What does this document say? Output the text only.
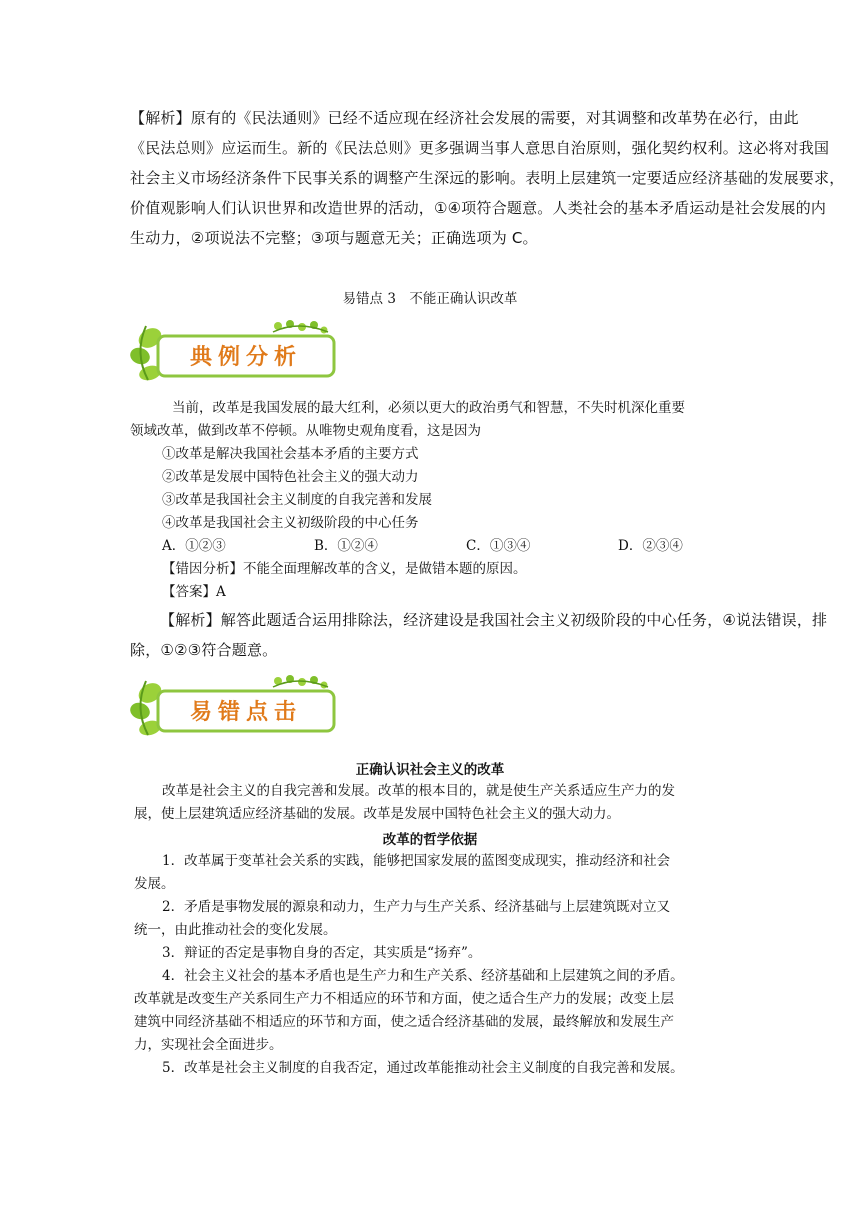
【解析】原有的《民法通则》已经不适应现在经济社会发展的需要，对其调整和改革势在必行，由此
《民法总则》应运而生。新的《民法总则》更多强调当事人意思自治原则，强化契约权利。这必将对我国
社会主义市场经济条件下民事关系的调整产生深远的影响。表明上层建筑一定要适应经济基础的发展要求，
价值观影响人们认识世界和改造世界的活动，①④项符合题意。人类社会的基本矛盾运动是社会发展的内
生动力，②项说法不完整；③项与题意无关；正确选项为 C。
易错点 3　不能正确认识改革
典例分析
当前，改革是我国发展的最大红利，必须以更大的政治勇气和智慧，不失时机深化重要
领域改革，做到改革不停顿。从唯物史观角度看，这是因为
①改革是解决我国社会基本矛盾的主要方式
②改革是发展中国特色社会主义的强大动力
③改革是我国社会主义制度的自我完善和发展
④改革是我国社会主义初级阶段的中心任务
A．①②③	B．①②④	C．①③④	D．②③④
【错因分析】不能全面理解改革的含义，是做错本题的原因。
【答案】A
【解析】解答此题适合运用排除法，经济建设是我国社会主义初级阶段的中心任务，④说法错误，排
除，①②③符合题意。
易错点击
正确认识社会主义的改革
改革是社会主义的自我完善和发展。改革的根本目的，就是使生产关系适应生产力的发
展，使上层建筑适应经济基础的发展。改革是发展中国特色社会主义的强大动力。
改革的哲学依据
1．改革属于变革社会关系的实践，能够把国家发展的蓝图变成现实，推动经济和社会
发展。
2．矛盾是事物发展的源泉和动力，生产力与生产关系、经济基础与上层建筑既对立又
统一，由此推动社会的变化发展。
3．辩证的否定是事物自身的否定，其实质是“扬弃”。
4．社会主义社会的基本矛盾也是生产力和生产关系、经济基础和上层建筑之间的矛盾。
改革就是改变生产关系同生产力不相适应的环节和方面，使之适合生产力的发展；改变上层
建筑中同经济基础不相适应的环节和方面，使之适合经济基础的发展，最终解放和发展生产
力，实现社会全面进步。
5．改革是社会主义制度的自我否定，通过改革能推动社会主义制度的自我完善和发展。
